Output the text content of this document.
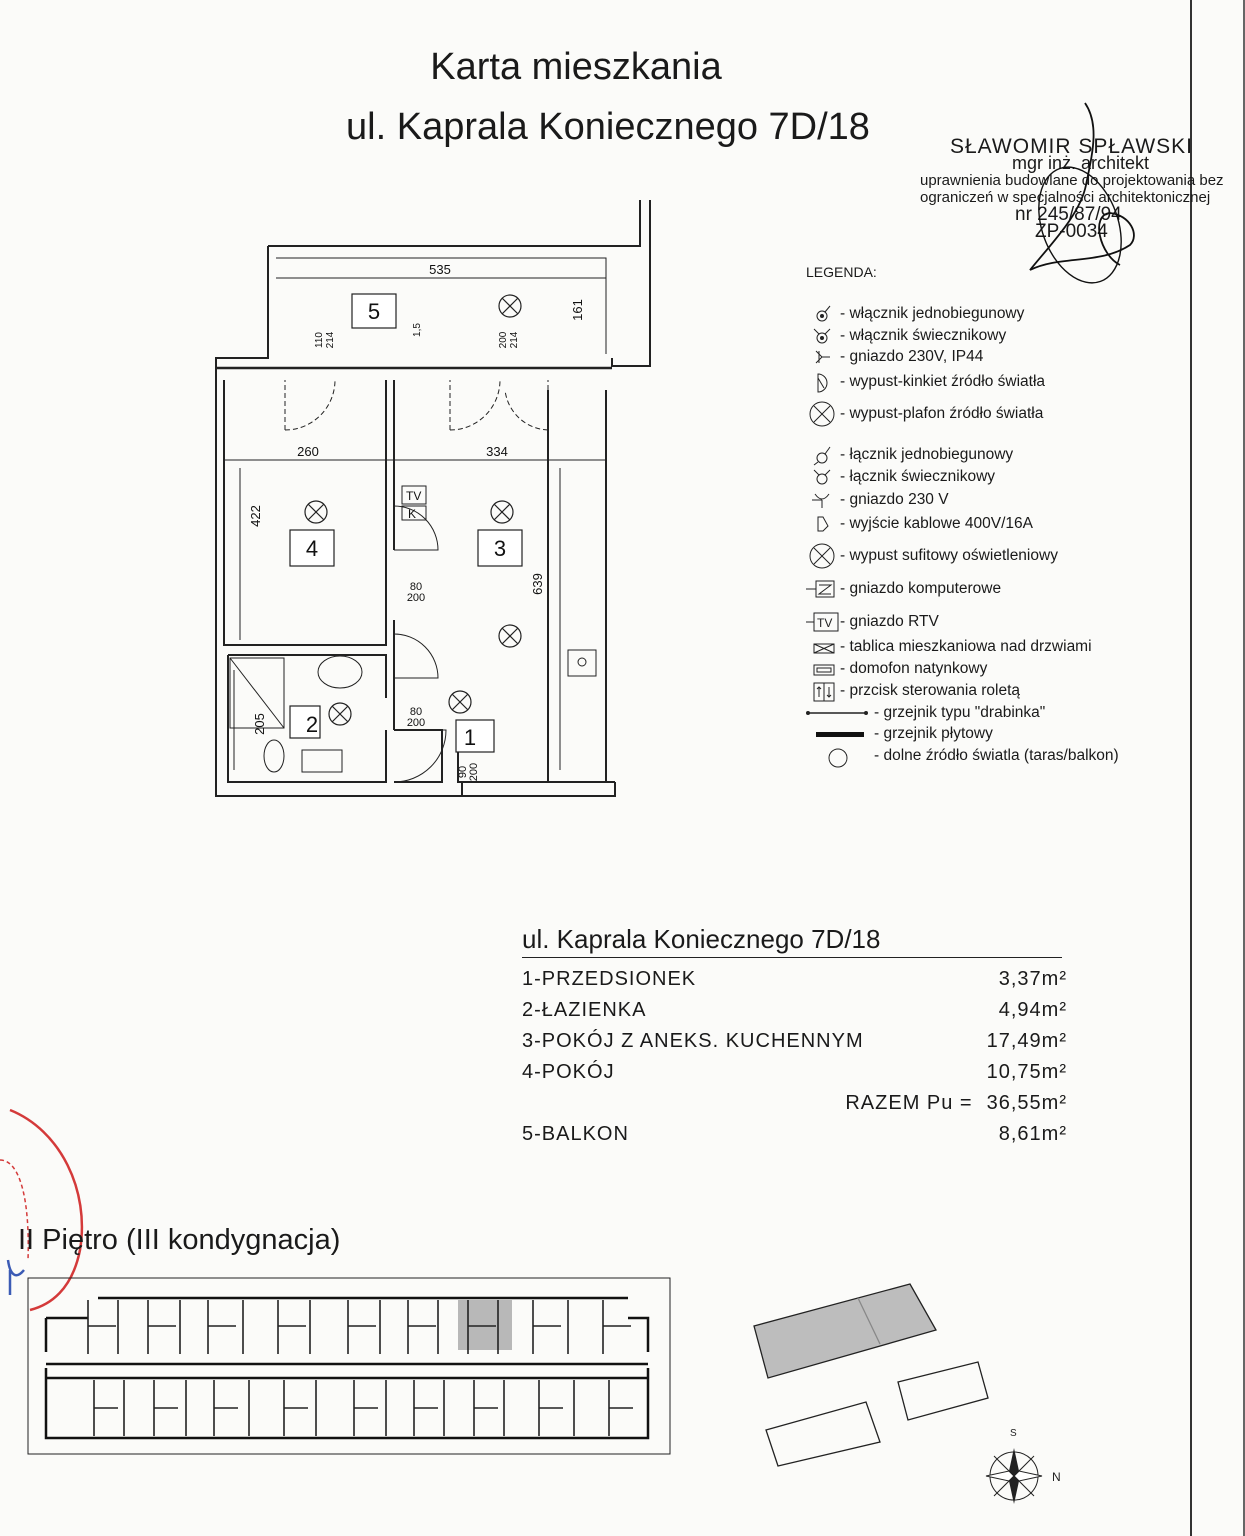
Karta mieszkania
ul. Kaprala Koniecznego 7D/18	SŁAWOMIR SPŁAWSKI
mgr inż. architekt
uprawnienia budowlane do projektowania bez
ograniczeń w specjalności architektonicznej
nr 245/87/94
ZP-0034
5
4	3
2
1
535
161
260	334
422
639
205
80 200
80 200
90200
110214
1,5
200214
TV
K
LEGENDA:
- włącznik jednobiegunowy
- włącznik świecznikowy
- gniazdo 230V, IP44
- wypust-kinkiet źródło światła
- wypust-plafon źródło światła
- łącznik jednobiegunowy
- łącznik świecznikowy
- gniazdo 230 V
- wyjście kablowe 400V/16A
- wypust sufitowy oświetleniowy
- gniazdo komputerowe
TV - gniazdo RTV
- tablica mieszkaniowa nad drzwiami
- domofon natynkowy
- przcisk sterowania roletą
- grzejnik typu "drabinka"
- grzejnik płytowy
- dolne źródło światla (taras/balkon)
ul. Kaprala Koniecznego 7D/18
1-PRZEDSIONEK	3,37m²
2-ŁAZIENKA	4,94m²
3-POKÓJ Z ANEKS. KUCHENNYM	17,49m²
4-POKÓJ	10,75m²
RAZEM Pu = 36,55m²
5-BALKON	8,61m²
II Piętro (III kondygnacja)
N
S
